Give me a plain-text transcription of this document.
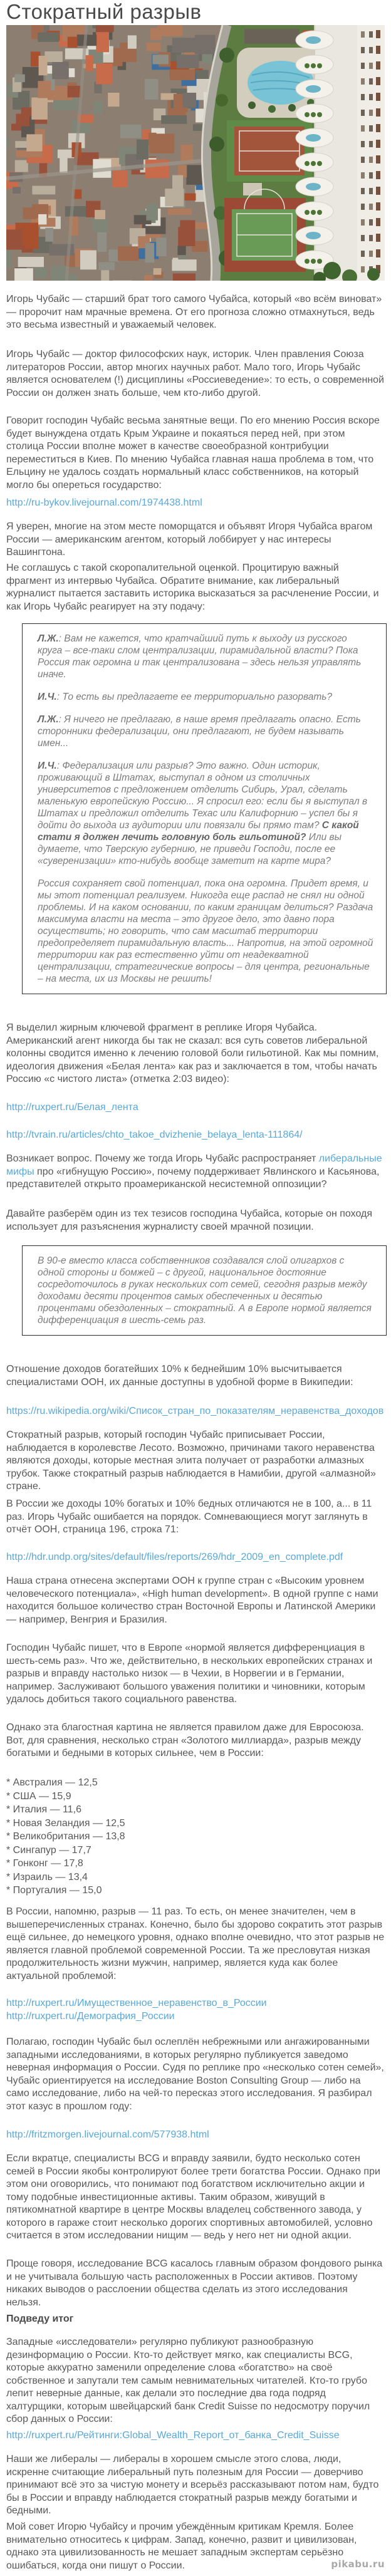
Стократный разрыв

Игорь Чубайс — старший брат того самого Чубайса, который «во всём виноват» — пророчит нам мрачные времена. От его прогноза сложно отмахнуться, ведь это весьма известный и уважаемый человек.

Игорь Чубайс — доктор философских наук, историк. Член правления Союза литераторов России, автор многих научных работ. Мало того, Игорь Чубайс является основателем (!) дисциплины «Россиеведение»: то есть, о современной России он должен знать больше, чем кто-либо другой.

Говорит господин Чубайс весьма занятные вещи. По его мнению Россия вскоре будет вынуждена отдать Крым Украине и покаяться перед ней, при этом столица России вполне может в качестве своеобразной контрибуции переместиться в Киев. По мнению Чубайса главная наша проблема в том, что Ельцину не удалось создать нормальный класс собственников, на который могло бы опереться государство:

http://ru-bykov.livejournal.com/1974438.html

Я уверен, многие на этом месте поморщатся и объявят Игоря Чубайса врагом России — американским агентом, который лоббирует у нас интересы Вашингтона.

Не соглашусь с такой скоропалительной оценкой. Процитирую важный фрагмент из интервью Чубайса. Обратите внимание, как либеральный журналист пытается заставить историка высказаться за расчленение России, и как Игорь Чубайс реагирует на эту подачу:

Л.Ж.: Вам не кажется, что кратчайший путь к выходу из русского круга – все-таки слом централизации, пирамидальной власти? Пока Россия так огромна и так централизована – здесь нельзя управлять иначе.

И.Ч.: То есть вы предлагаете ее территориально разорвать?

Л.Ж.: Я ничего не предлагаю, в наше время предлагать опасно. Есть сторонники федерализации, они предлагают, не будем называть имен...

И.Ч.: Федерализация или разрыв? Это важно. Один историк, проживающий в Штатах, выступал в одном из столичных университетов с предложением отделить Сибирь, Урал, сделать маленькую европейскую Россию... Я спросил его: если бы я выступал в Штатах и предложил отделить Техас или Калифорнию – успел бы я дойти до выхода из аудитории или повязали бы прямо там? С какой стати я должен лечить головную боль гильотиной? Или вы думаете, что Тверскую губернию, не приведи Господи, после ее «суверенизации» кто-нибудь вообще заметит на карте мира?

Россия сохраняет свой потенциал, пока она огромна. Придет время, и мы этот потенциал реализуем. Никогда еще распад не снял ни одной проблемы. И на каком основании, по каким границам делиться? Раздача максимума власти на места – это другое дело, это давно пора осуществить; но говорить, что сам масштаб территории предопределяет пирамидальную власть... Напротив, на этой огромной территории как раз естественно уйти от неадекватной централизации, стратегические вопросы – для центра, региональные – на места, их из Москвы не решить!

Я выделил жирным ключевой фрагмент в реплике Игоря Чубайса. Американский агент никогда бы так не сказал: вся суть советов либеральной колонны сводится именно к лечению головой боли гильотиной. Как мы помним, идеология движения «Белая лента» как раз и заключается в том, чтобы начать Россию «с чистого листа» (отметка 2:03 видео):

http://ruxpert.ru/Белая_лента
http://tvrain.ru/articles/chto_takoe_dvizhenie_belaya_lenta-111864/

Возникает вопрос. Почему же тогда Игорь Чубайс распространяет либеральные мифы про «гибнущую Россию», почему поддерживает Явлинского и Касьянова, представителей открыто проамериканской несистемной оппозиции?

Давайте разберём один из тех тезисов господина Чубайса, которые он походя использует для разъяснения журналисту своей мрачной позиции.

В 90-е вместо класса собственников создавался слой олигархов с одной стороны и бомжей – с другой, национальное достояние сосредоточилось в руках нескольких сот семей, сегодня разрыв между доходами десяти процентов самых обеспеченных и десятью процентами обездоленных – стократный. А в Европе нормой является дифференциация в шесть-семь раз.

Отношение доходов богатейших 10% к беднейшим 10% высчитывается специалистами ООН, их данные доступны в удобной форме в Википедии:

https://ru.wikipedia.org/wiki/Список_стран_по_показателям_неравенства_доходов

Стократный разрыв, который господин Чубайс приписывает России, наблюдается в королевстве Лесото. Возможно, причинами такого неравенства являются доходы, которые местная элита получает от разработки алмазных трубок. Также стократный разрыв наблюдается в Намибии, другой «алмазной» стране.

В России же доходы 10% богатых и 10% бедных отличаются не в 100, а... в 11 раз. Игорь Чубайс ошибается на порядок. Сомневающиеся могут заглянуть в отчёт ООН, страница 196, строка 71:

http://hdr.undp.org/sites/default/files/reports/269/hdr_2009_en_complete.pdf

Наша страна отнесена экспертами ООН к группе стран с «Высоким уровнем человеческого потенциала», «High human development». В одной группе с нами находится большое количество стран Восточной Европы и Латинской Америки — например, Венгрия и Бразилия.

Господин Чубайс пишет, что в Европе «нормой является дифференциация в шесть-семь раз». Что же, действительно, в нескольких европейских странах и разрыв и вправду настолько низок — в Чехии, в Норвегии и в Германии, например. Заслуживают большого уважения политики и чиновники, которым удалось добиться такого социального равенства.

Однако эта благостная картина не является правилом даже для Евросоюза. Вот, для сравнения, несколько стран «Золотого миллиарда», разрыв между богатыми и бедными в которых сильнее, чем в России:

* Австралия — 12,5
* США — 15,9
* Италия — 11,6
* Новая Зеландия — 12,5
* Великобритания — 13,8
* Сингапур — 17,7
* Гонконг — 17,8
* Израиль — 13,4
* Португалия — 15,0

В России, напомню, разрыв — 11 раз. То есть, он менее значителен, чем в вышеперечисленных странах. Конечно, было бы здорово сократить этот разрыв ещё сильнее, до немецкого уровня, однако вполне очевидно, что этот разрыв не является главной проблемой современной России. Та же пресловутая низкая продолжительность жизни мужчин, например, является куда как более актуальной проблемой:

http://ruxpert.ru/Имущественное_неравенство_в_России
http://ruxpert.ru/Демография_России

Полагаю, господин Чубайс был ослеплён небрежными или ангажированными западными исследованиями, в которых регулярно публикуется заведомо неверная информация о России. Судя по реплике про «несколько сотен семей», Чубайс ориентируется на исследование Boston Consulting Group — либо на само исследование, либо на чей-то пересказ этого исследования. Я разбирал этот казус в прошлом году:

http://fritzmorgen.livejournal.com/577938.html

Если вкратце, специалисты BCG и вправду заявили, будто несколько сотен семей в России якобы контролируют более трети богатства России. Однако при этом они оговорились, что понимают под богатством исключительно акции и тому подобные инвестиционные активы. Таким образом, живущий в пятикомнатной квартире в центре Москвы владелец собственного завода, у которого в гараже стоит несколько дорогих спортивных автомобилей, условно считается в этом исследовании нищим — ведь у него нет ни одной акции.

Проще говоря, исследование BCG касалось главным образом фондового рынка и не учитывала большую часть расположенных в России активов. Поэтому никаких выводов о расслоении общества сделать из этого исследования нельзя.

Подведу итог

Западные «исследователи» регулярно публикуют разнообразную дезинформацию о России. Кто-то действует мягко, как специалисты BCG, которые аккуратно заменили определение слова «богатство» на своё собственное и запутали тем самым невнимательных читателей. Кто-то грубо лепит неверные данные, как делали это последние два года подряд халтурщики, которым швейцарский банк Credit Suisse по недосмотру поручил сбор данных о России:

http://ruxpert.ru/Рейтинги:Global_Wealth_Report_от_банка_Credit_Suisse

Наши же либералы — либералы в хорошем смысле этого слова, люди, искренне считающие либеральный путь полезным для России — доверчиво принимают всё это за чистую монету и всерьёз рассказывают потом нам, будто бы в России и вправду наблюдается стократный разрыв между богатыми и бедными.

Мой совет Игорю Чубайсу и прочим убеждённым критикам Кремля. Более внимательно относитесь к цифрам. Запад, конечно, развит и цивилизован, однако эта цивилизованность не мешает западным экспертам серьёзно ошибаться, когда они пишут о России.	pikabu.ru
